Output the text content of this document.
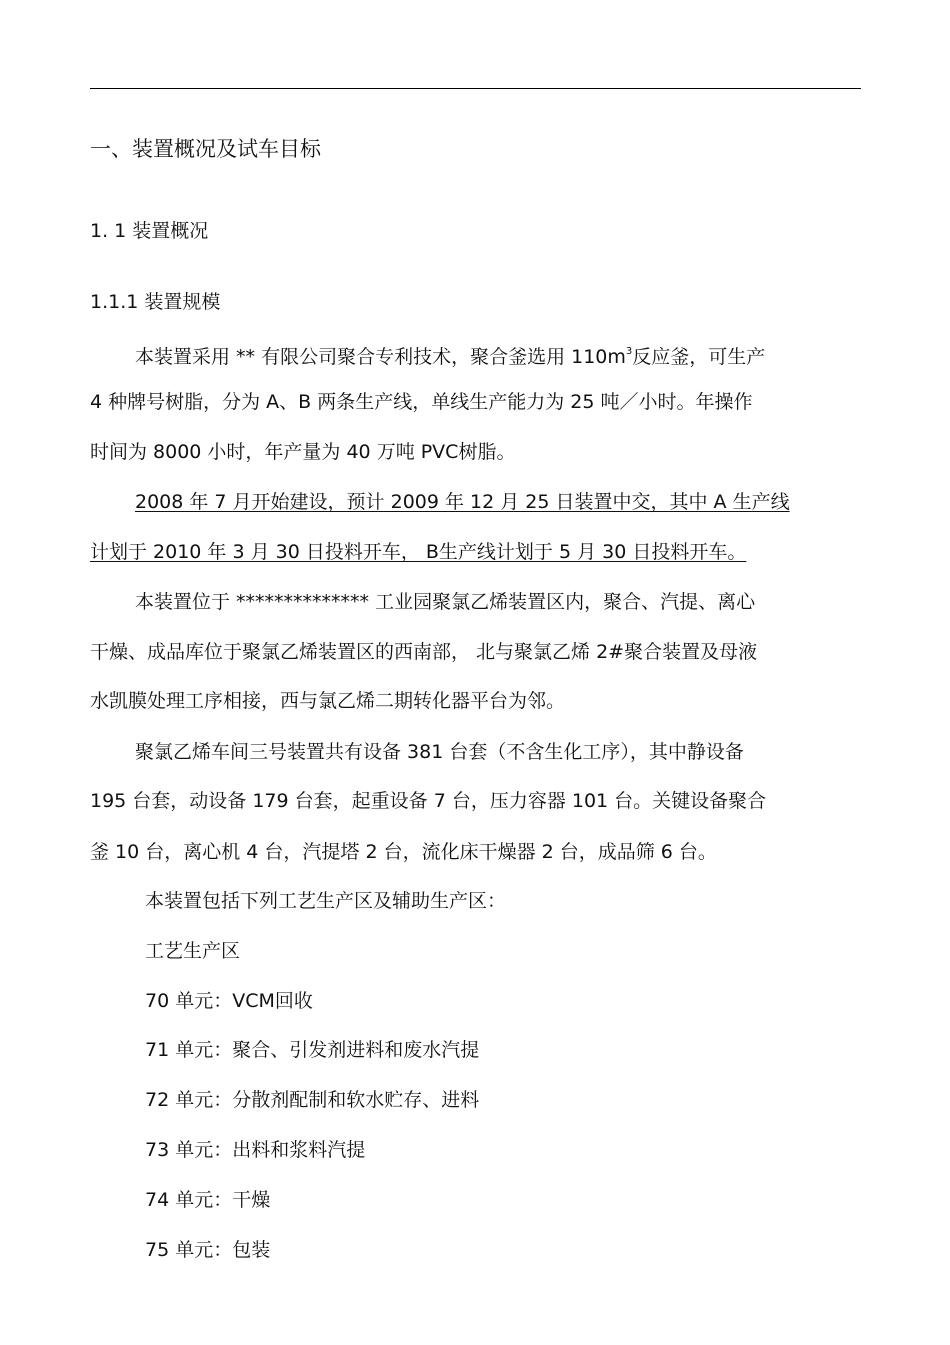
一、装置概况及试车目标
1. 1 装置概况
1.1.1 装置规模
本装置采用 ** 有限公司聚合专利技术，聚合釜选用 $110m^3$反应釜，可生产
4 种牌号树脂，分为 A、B 两条生产线，单线生产能力为 25 吨／小时。年操作
时间为 8000 小时，年产量为 40 万吨 PVC树脂。
2008 年 7 月开始建设，预计 2009 年 12 月 25 日装置中交，其中 A 生产线
计划于 2010 年 3 月 30 日投料开车， B生产线计划于 5 月 30 日投料开车。
本装置位于 ************** 工业园聚氯乙烯装置区内，聚合、汽提、离心
干燥、成品库位于聚氯乙烯装置区的西南部， 北与聚氯乙烯 2#聚合装置及母液
水凯膜处理工序相接，西与氯乙烯二期转化器平台为邻。
聚氯乙烯车间三号装置共有设备 381 台套（不含生化工序），其中静设备
195 台套，动设备 179 台套，起重设备 7 台，压力容器 101 台。关键设备聚合
釜 10 台，离心机 4 台，汽提塔 2 台，流化床干燥器 2 台，成品筛 6 台。
本装置包括下列工艺生产区及辅助生产区：
工艺生产区
70 单元：VCM回收
71 单元：聚合、引发剂进料和废水汽提
72 单元：分散剂配制和软水贮存、进料
73 单元：出料和浆料汽提
74 单元：干燥
75 单元：包装
